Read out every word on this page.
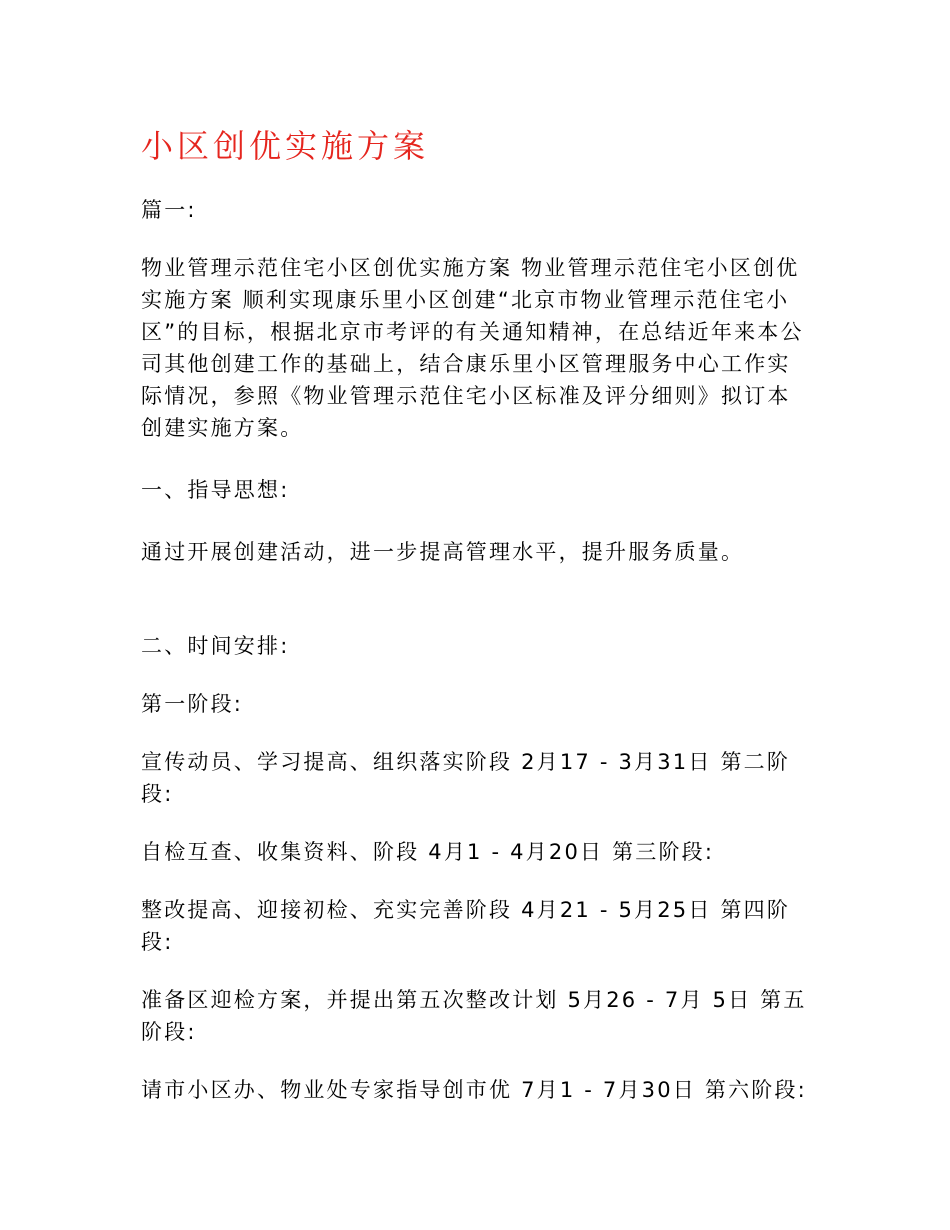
小区创优实施方案

篇一:

物业管理示范住宅小区创优实施方案 物业管理示范住宅小区创优实施方案 顺利实现康乐里小区创建“北京市物业管理示范住宅小区”的目标，根据北京市考评的有关通知精神，在总结近年来本公司其他创建工作的基础上，结合康乐里小区管理服务中心工作实际情况，参照《物业管理示范住宅小区标准及评分细则》拟订本创建实施方案。

一、指导思想:

通过开展创建活动，进一步提高管理水平，提升服务质量。

二、时间安排:

第一阶段:

宣传动员、学习提高、组织落实阶段 2月17 - 3月31日 第二阶段:

自检互查、收集资料、阶段 4月1 - 4月20日 第三阶段:

整改提高、迎接初检、充实完善阶段 4月21 - 5月25日 第四阶段:

准备区迎检方案，并提出第五次整改计划 5月26 - 7月 5日 第五阶段:

请市小区办、物业处专家指导创市优 7月1 - 7月30日 第六阶段:
